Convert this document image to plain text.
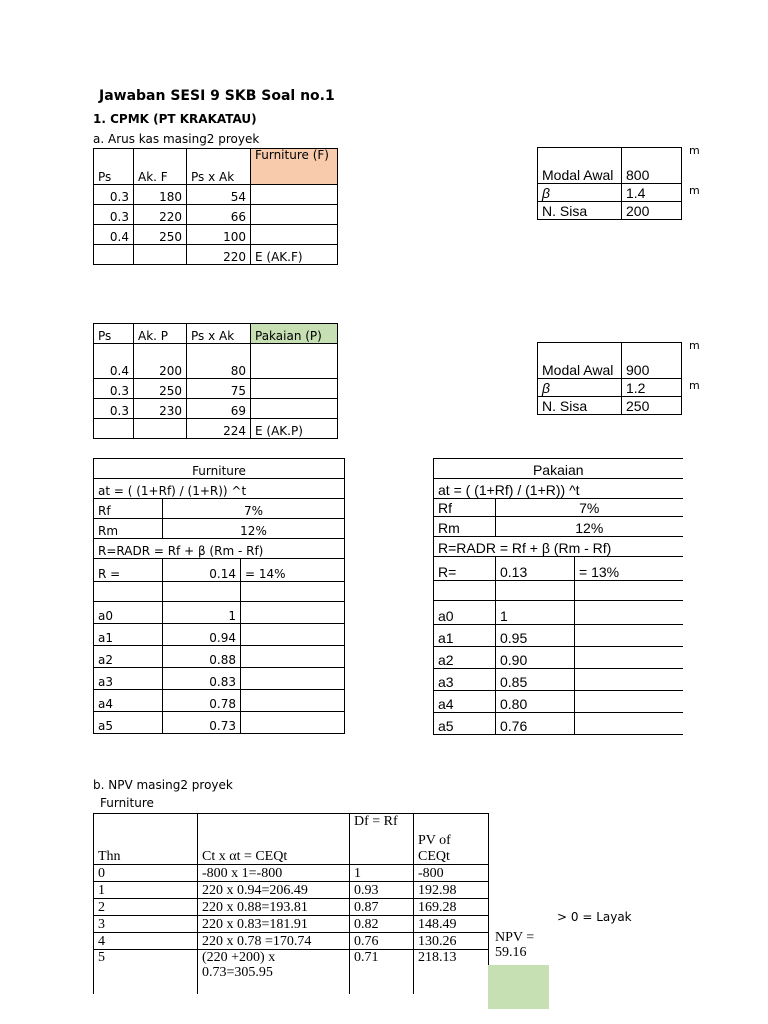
Jawaban SESI 9 SKB Soal no.1
1. CPMK (PT KRAKATAU)
a. Arus kas masing2 proyek
Ps	Ak. F	Ps x Ak	Furniture (F)
0.3	180	54	
0.3	220	66	
0.4	250	100	
		220	E (AK.F)
Modal Awal	800
β	1.4
N. Sisa	200
m
m
Ps	Ak. P	Ps x Ak	Pakaian (P)
0.4	200	80	
0.3	250	75	
0.3	230	69	
		224	E (AK.P)
Modal Awal	900
β	1.2
N. Sisa	250
m
m
Furniture		
at = ( (1+Rf) / (1+R)) ^t		
Rf	7%	
Rm	12%	
R=RADR = Rf + β (Rm - Rf)		
R =	0.14	= 14%

a0	1	
a1	0.94	
a2	0.88	
a3	0.83	
a4	0.78	
a5	0.73	
Pakaian		
at = ( (1+Rf) / (1+R)) ^t		
Rf	7%	
Rm	12%	
R=RADR = Rf + β (Rm - Rf)		
R=	0.13	= 13%

a0	1	
a1	0.95	
a2	0.90	
a3	0.85	
a4	0.80	
a5	0.76	
b. NPV masing2 proyek
Furniture
Thn	Ct x αt = CEQt	Df = Rf	PV of CEQt
0	-800 x 1=-800	1	-800
1	220 x 0.94=206.49	0.93	192.98
2	220 x 0.88=193.81	0.87	169.28
3	220 x 0.83=181.91	0.82	148.49
4	220 x 0.78 =170.74	0.76	130.26
5	(220 +200) x 0.73=305.95	0.71	218.13
> 0 = Layak
NPV =
59.16
